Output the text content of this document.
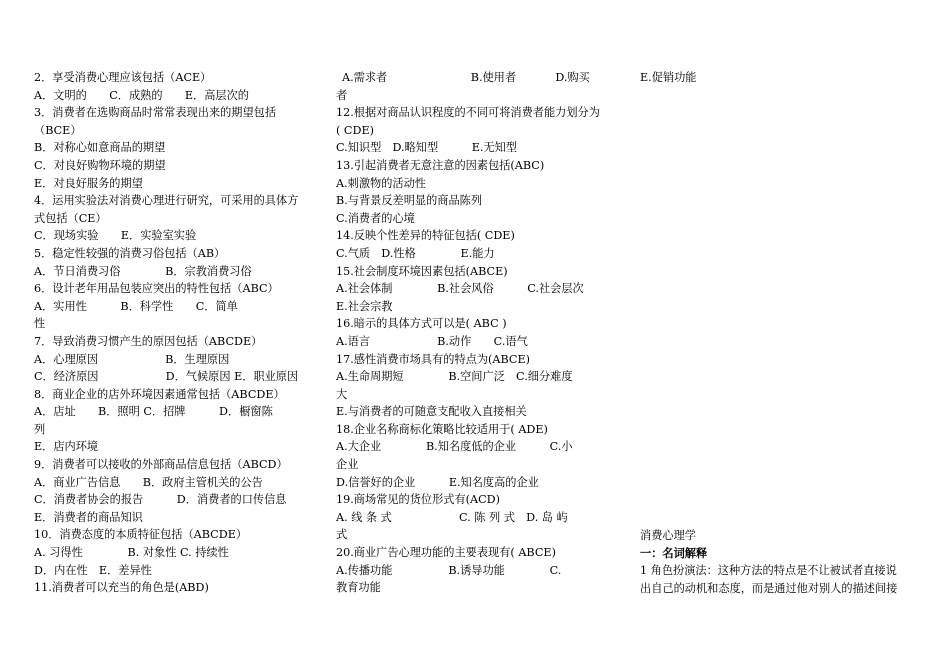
2．享受消费心理应该包括（ACE）
A．文明的　　C．成熟的　　E．高层次的
3．消费者在选购商品时常常表现出来的期望包括
（BCE）
B．对称心如意商品的期望
C．对良好购物环境的期望
E．对良好服务的期望
4．运用实验法对消费心理进行研究，可采用的具体方
式包括（CE）
C．现场实验　　E．实验室实验
5．稳定性较强的消费习俗包括（AB）
A．节日消费习俗　　　　B．宗教消费习俗
6．设计老年用品包装应突出的特性包括（ABC）
A．实用性　　　B．科学性　　C．简单
性
7．导致消费习惯产生的原因包括（ABCDE）
A．心理原因　　　　　　B．生理原因
C．经济原因　　　　　　D．气候原因 E．职业原因
8．商业企业的店外环境因素通常包括（ABCDE）
A．店址　　B．照明 C．招牌　　　D．橱窗陈
列
E．店内环境
9．消费者可以接收的外部商品信息包括（ABCD）
A．商业广告信息　　B．政府主管机关的公告
C．消费者协会的报告　　　D．消费者的口传信息
E．消费者的商品知识
10．消费态度的本质特征包括（ABCDE）
A. 习得性　　　　B. 对象性 C. 持续性
D．内在性　E．差异性
11.消费者可以充当的角色是(ABD)
A.需求者	B.使用者	D.购买
者
12.根据对商品认识程度的不同可将消费者能力划分为
( CDE)
C.知识型　D.略知型　　　E.无知型
13.引起消费者无意注意的因素包括(ABC)
A.刺激物的活动性
B.与背景反差明显的商品陈列
C.消费者的心境
14.反映个性差异的特征包括( CDE)
C.气质　D.性格　　　　E.能力
15.社会制度环境因素包括(ABCE)
A.社会体制　　　　B.社会风俗　　　C.社会层次
E.社会宗教
16.暗示的具体方式可以是( ABC )
A.语言　　　　　　B.动作　　C.语气
17.感性消费市场具有的特点为(ABCE)
A.生命周期短　　　　B.空间广泛　C.细分难度
大
E.与消费者的可随意支配收入直接相关
18.企业名称商标化策略比较适用于( ADE)
A.大企业　　　　B.知名度低的企业　　　C.小
企业
D.信誉好的企业　　　E.知名度高的企业
19.商场常见的货位形式有(ACD)
A. 线 条 式　　　　　　C. 陈 列 式　D. 岛 屿
式
20.商业广告心理功能的主要表现有( ABCE)
A.传播功能　　　　　B.诱导功能　　　　C.
教育功能
E.促销功能
消费心理学
一：名词解释
1 角色扮演法：这种方法的特点是不让被试者直接说
出自己的动机和态度，而是通过他对别人的描述间接
